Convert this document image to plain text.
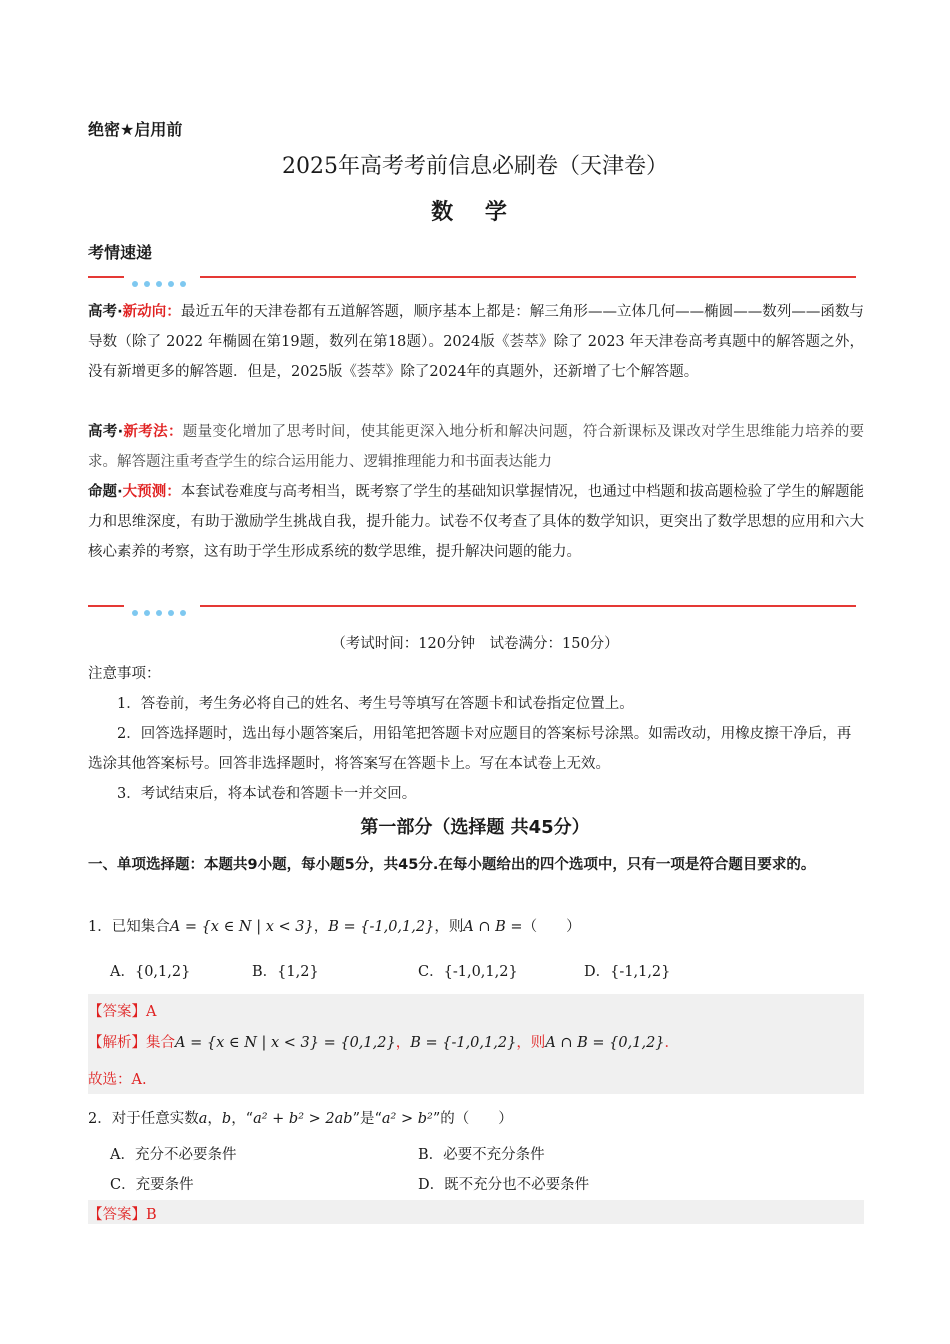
绝密★启用前
2025年高考考前信息必刷卷（天津卷）
数 学
考情速递
高考·新动向：最近五年的天津卷都有五道解答题，顺序基本上都是：解三角形——立体几何——椭圆——数列——函数与导数（除了 2022 年椭圆在第19题，数列在第18题）。2024版《荟萃》除了 2023 年天津卷高考真题中的解答题之外，没有新增更多的解答题．但是，2025版《荟萃》除了2024年的真题外，还新增了七个解答题。
高考·新考法：题量变化增加了思考时间，使其能更深入地分析和解决问题，符合新课标及课改对学生思维能力培养的要求。解答题注重考查学生的综合运用能力、逻辑推理能力和书面表达能力
命题·大预测：本套试卷难度与高考相当，既考察了学生的基础知识掌握情况，也通过中档题和拔高题检验了学生的解题能力和思维深度，有助于激励学生挑战自我，提升能力。试卷不仅考查了具体的数学知识，更突出了数学思想的应用和六大核心素养的考察，这有助于学生形成系统的数学思维，提升解决问题的能力。
（考试时间：120分钟　试卷满分：150分）
注意事项：
1．答卷前，考生务必将自己的姓名、考生号等填写在答题卡和试卷指定位置上。
2．回答选择题时，选出每小题答案后，用铅笔把答题卡对应题目的答案标号涂黑。如需改动，用橡皮擦干净后，再选涂其他答案标号。回答非选择题时，将答案写在答题卡上。写在本试卷上无效。
3．考试结束后，将本试卷和答题卡一并交回。
第一部分（选择题 共45分）
一、单项选择题：本题共9小题，每小题5分，共45分.在每小题给出的四个选项中，只有一项是符合题目要求的。
1．已知集合A = {x ∈ N | x < 3}，B = {-1,0,1,2}，则A ∩ B =（　　）
A．{0,1,2}	B．{1,2}	C．{-1,0,1,2}	D．{-1,1,2}
【答案】A
【解析】集合A = {x ∈ N | x < 3} = {0,1,2}，B = {-1,0,1,2}，则A ∩ B = {0,1,2}．
故选：A.
2．对于任意实数a，b，“a² + b² > 2ab”是“a² > b²”的（　　）
A．充分不必要条件	B．必要不充分条件
C．充要条件	D．既不充分也不必要条件
【答案】B
